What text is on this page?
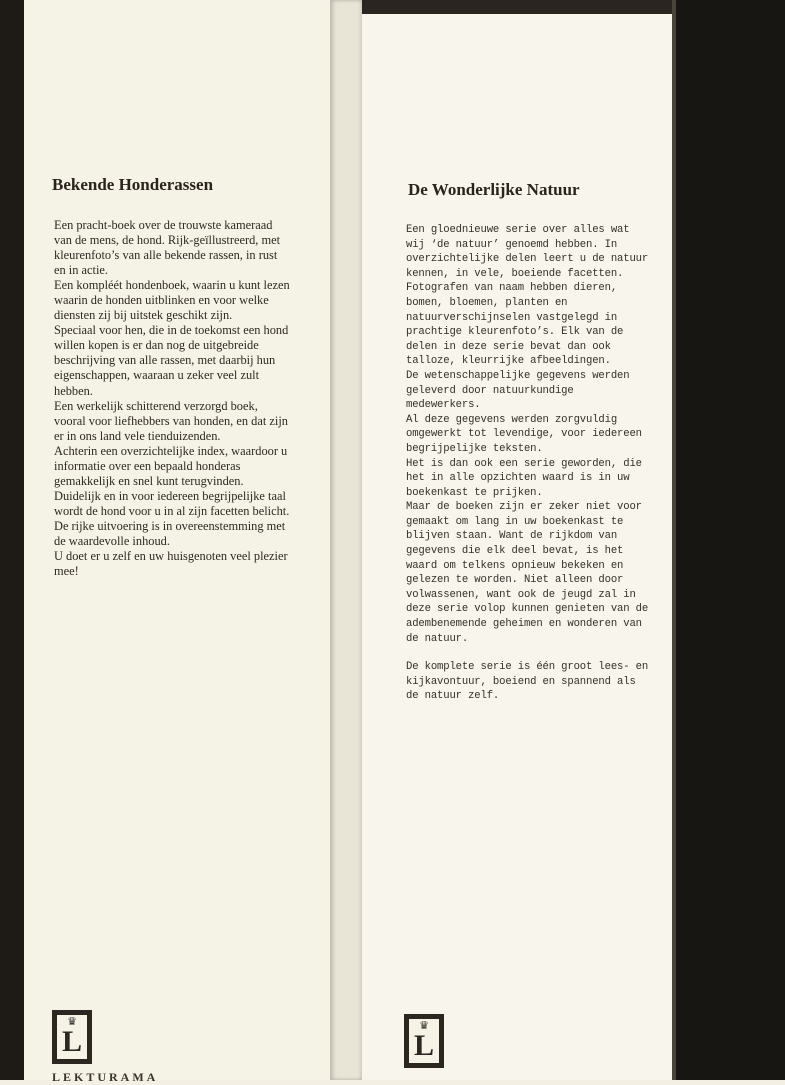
Bekende Honderassen

Een pracht-boek over de trouwste kameraad van de mens, de hond. Rijk-geïllustreerd, met kleurenfoto’s van alle bekende rassen, in rust en in actie.

Een kompléét hondenboek, waarin u kunt lezen waarin de honden uitblinken en voor welke diensten zij bij uitstek geschikt zijn.

Speciaal voor hen, die in de toekomst een hond willen kopen is er dan nog de uitgebreide beschrijving van alle rassen, met daarbij hun eigenschappen, waaraan u zeker veel zult hebben.

Een werkelijk schitterend verzorgd boek, vooral voor liefhebbers van honden, en dat zijn er in ons land vele tienduizenden.

Achterin een overzichtelijke index, waardoor u informatie over een bepaald honderas gemakkelijk en snel kunt terugvinden.

Duidelijk en in voor iedereen begrijpelijke taal wordt de hond voor u in al zijn facetten belicht. De rijke uitvoering is in overeenstemming met de waardevolle inhoud.

U doet er u zelf en uw huisgenoten veel plezier mee!

♛
L
LEKTURAMA
De Wonderlijke Natuur

Een gloednieuwe serie over alles wat wij ‘de natuur’ genoemd hebben. In overzichtelijke delen leert u de natuur kennen, in vele, boeiende facetten.

Fotografen van naam hebben dieren, bomen, bloemen, planten en natuurverschijnselen vastgelegd in prachtige kleurenfoto’s. Elk van de delen in deze serie bevat dan ook talloze, kleurrijke afbeeldingen.

De wetenschappelijke gegevens werden geleverd door natuurkundige medewerkers.

Al deze gegevens werden zorgvuldig omgewerkt tot levendige, voor iedereen begrijpelijke teksten.

Het is dan ook een serie geworden, die het in alle opzichten waard is in uw boekenkast te prijken.

Maar de boeken zijn er zeker niet voor gemaakt om lang in uw boekenkast te blijven staan. Want de rijkdom van gegevens die elk deel bevat, is het waard om telkens opnieuw bekeken en gelezen te worden. Niet alleen door volwassenen, want ook de jeugd zal in deze serie volop kunnen genieten van de adembenemende geheimen en wonderen van de natuur.

De komplete serie is één groot lees- en kijkavontuur, boeiend en spannend als de natuur zelf.

♛
L
